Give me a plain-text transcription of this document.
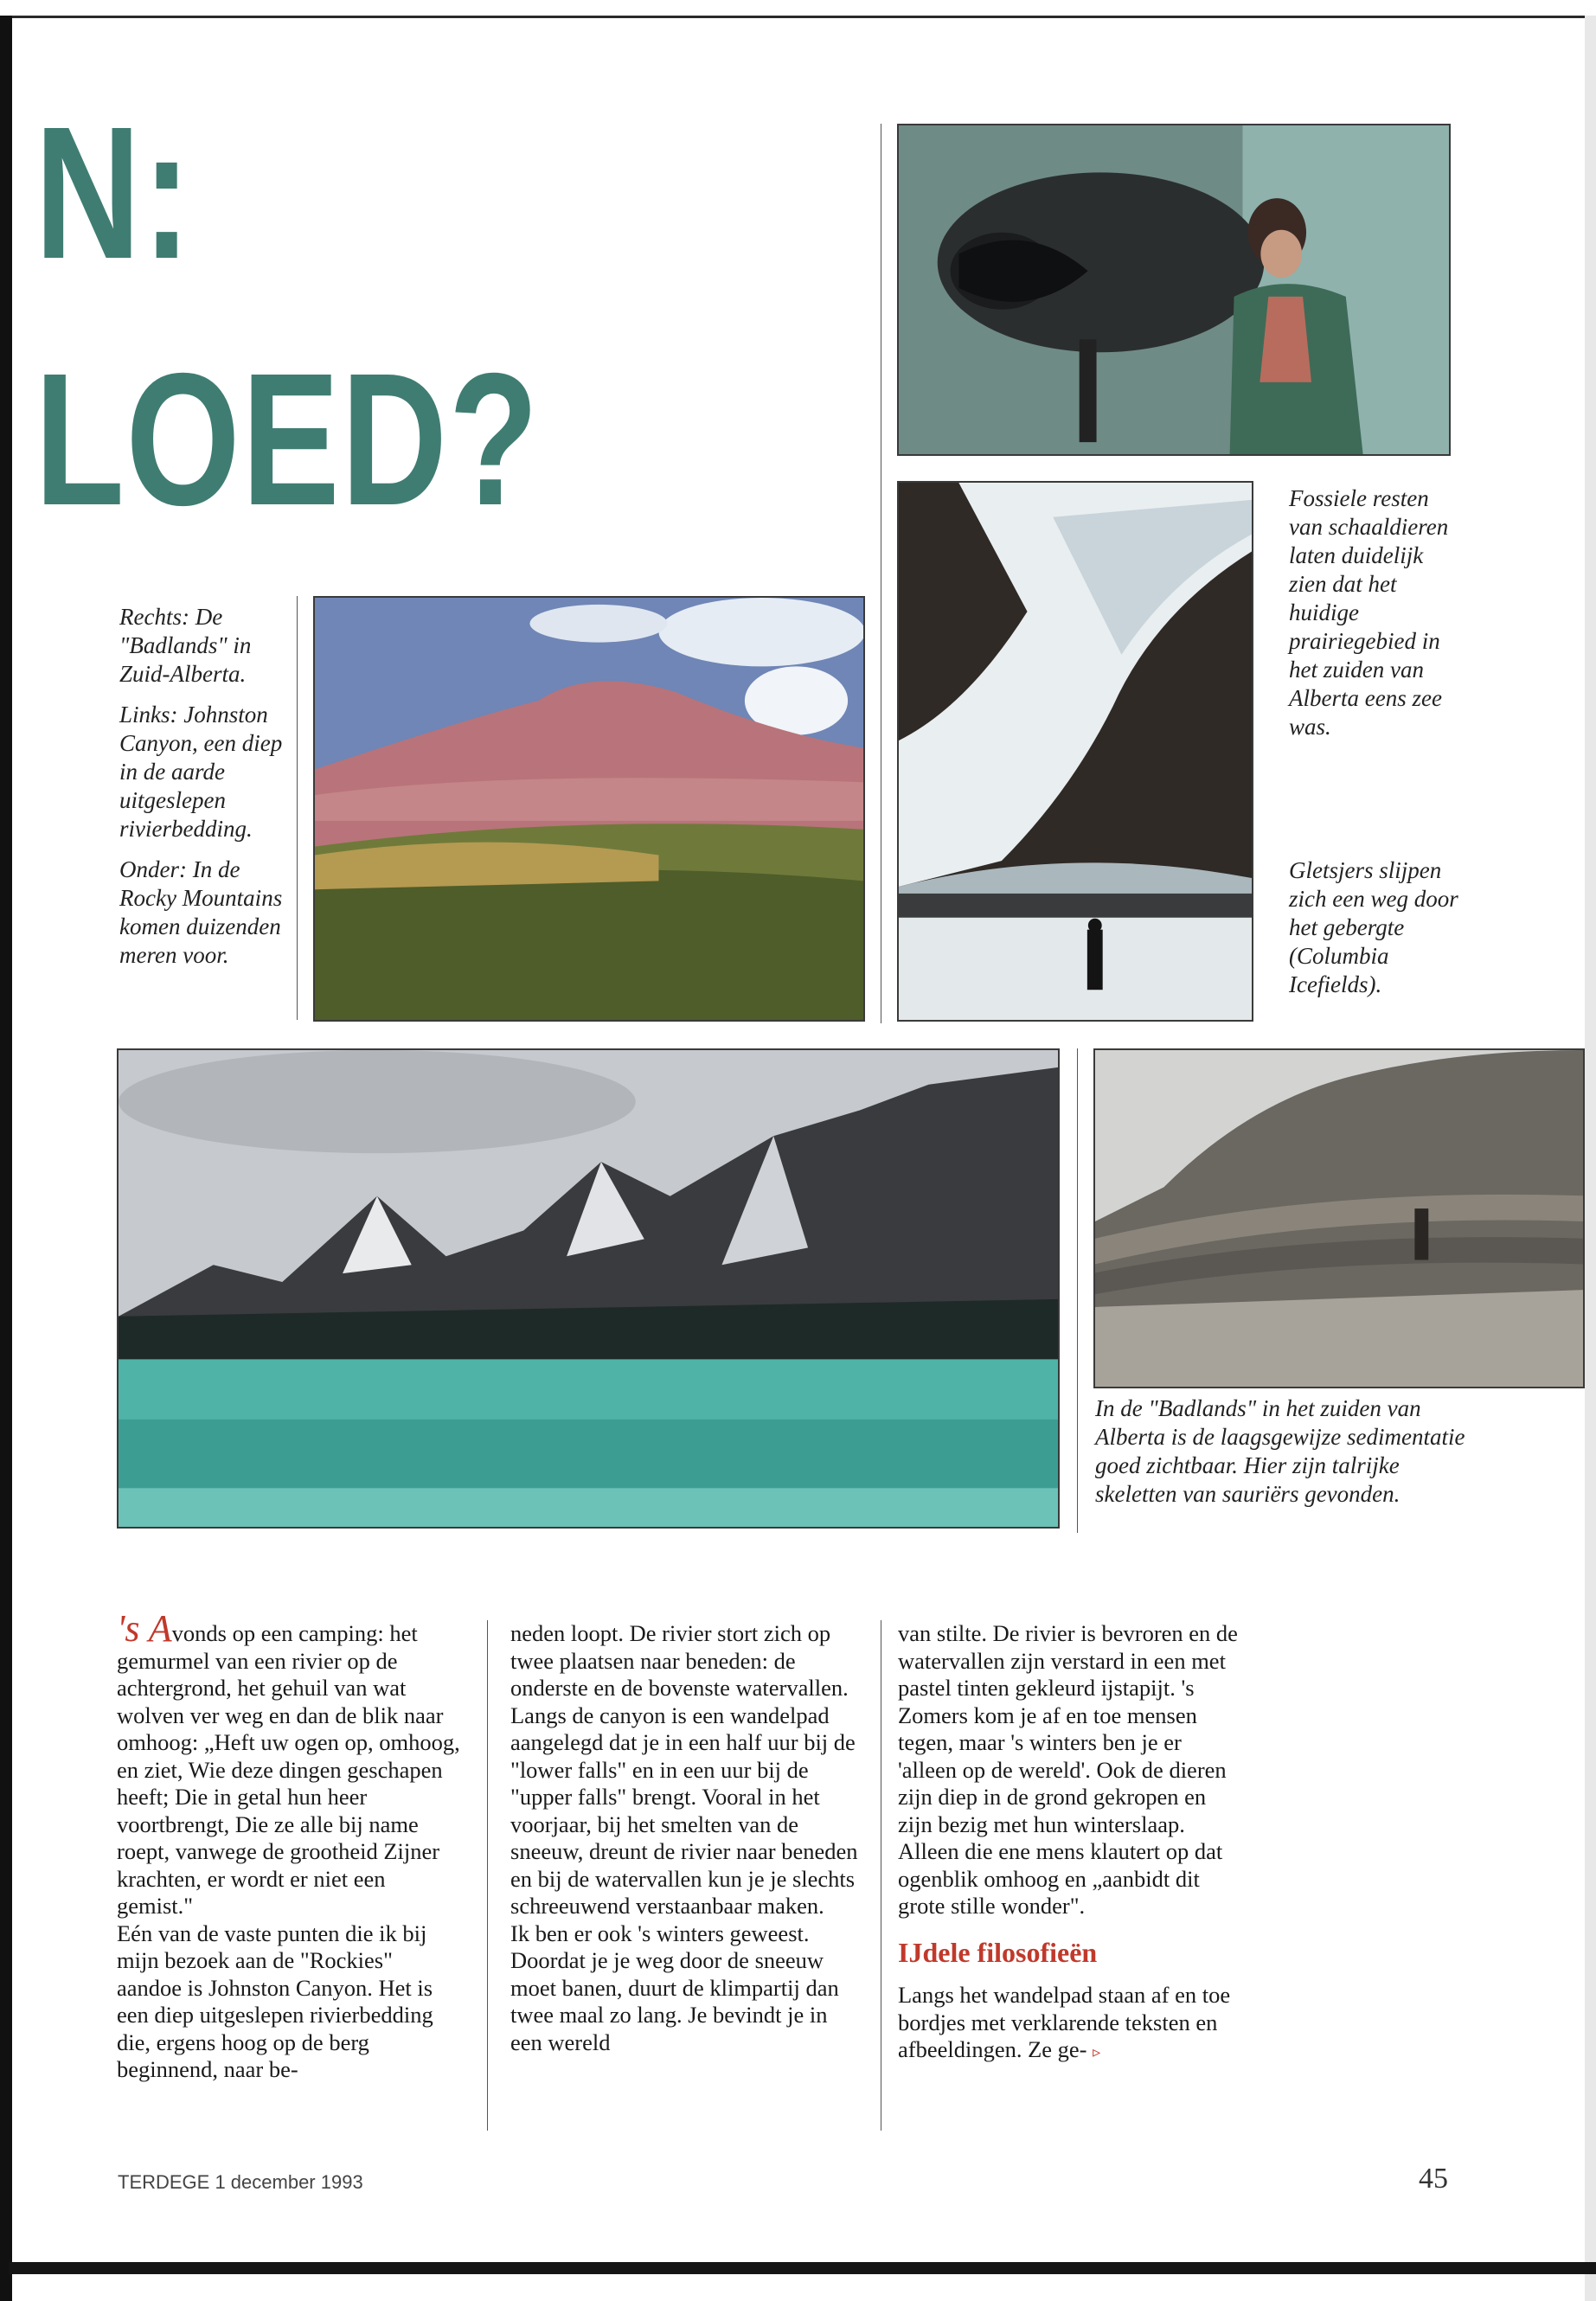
N:
LOED?

Rechts: De "Badlands" in Zuid-Alberta.

Links: Johnston Canyon, een diep in de aarde uitgeslepen rivierbedding.

Onder: In de Rocky Mountains komen duizenden meren voor.

Fossiele resten van schaaldieren laten duidelijk zien dat het huidige prairiegebied in het zuiden van Alberta eens zee was.
Gletsjers slijpen zich een weg door het gebergte (Columbia Icefields).
In de "Badlands" in het zuiden van Alberta is de laagsgewijze sedimentatie goed zichtbaar. Hier zijn talrijke skeletten van sauriërs gevonden.

's Avonds op een camping: het gemurmel van een rivier op de achtergrond, het gehuil van wat wolven ver weg en dan de blik naar omhoog: „Heft uw ogen op, omhoog, en ziet, Wie deze dingen geschapen heeft; Die in getal hun heer voortbrengt, Die ze alle bij name roept, vanwege de grootheid Zijner krachten, er wordt er niet een gemist."

Eén van de vaste punten die ik bij mijn bezoek aan de "Rockies" aandoe is Johnston Canyon. Het is een diep uitgeslepen rivierbedding die, ergens hoog op de berg beginnend, naar be-

neden loopt. De rivier stort zich op twee plaatsen naar beneden: de onderste en de bovenste watervallen. Langs de canyon is een wandelpad aangelegd dat je in een half uur bij de "lower falls" en in een uur bij de "upper falls" brengt. Vooral in het voorjaar, bij het smelten van de sneeuw, dreunt de rivier naar beneden en bij de watervallen kun je je slechts schreeuwend verstaanbaar maken.

Ik ben er ook 's winters geweest. Doordat je je weg door de sneeuw moet banen, duurt de klimpartij dan twee maal zo lang. Je bevindt je in een wereld

van stilte. De rivier is bevroren en de watervallen zijn verstard in een met pastel tinten gekleurd ijstapijt. 's Zomers kom je af en toe mensen tegen, maar 's winters ben je er 'alleen op de wereld'. Ook de dieren zijn diep in de grond gekropen en zijn bezig met hun winterslaap. Alleen die ene mens klautert op dat ogenblik omhoog en „aanbidt dit grote stille wonder".

IJdele filosofieën

Langs het wandelpad staan af en toe bordjes met verklarende teksten en afbeeldingen. Ze ge- ▹

TERDEGE 1 december 1993	45
